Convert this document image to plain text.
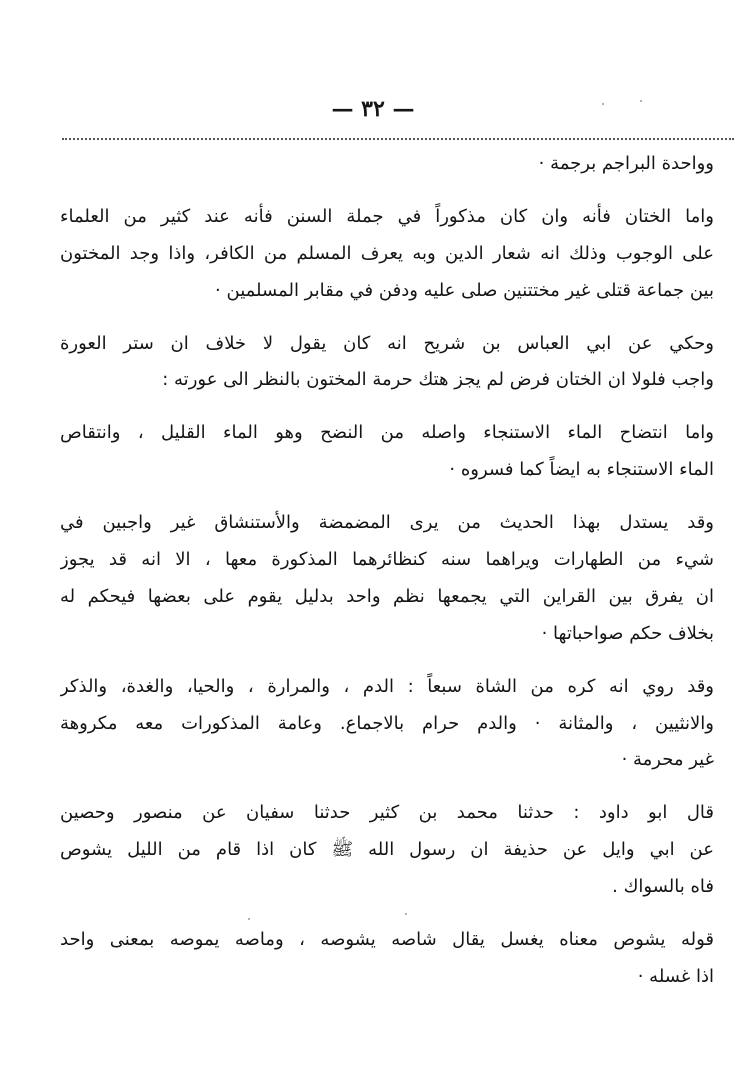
— ٣٢ —
وواحدة البراجم برجمة ·
واما الختان فأنه وان كان مذكوراً في جملة السنن فأنه عند كثير من العلماء
على الوجوب وذلك انه شعار الدين وبه يعرف المسلم من الكافر، واذا وجد المختون
بين جماعة قتلى غير مختتنين صلى عليه ودفن في مقابر المسلمين ·
وحكي عن ابي العباس بن شريح انه كان يقول لا خلاف ان ستر العورة
واجب فلولا ان الختان فرض لم يجز هتك حرمة المختون بالنظر الى عورته :
واما انتضاح الماء الاستنجاء واصله من النضح وهو الماء القليل ، وانتقاص
الماء الاستنجاء به ايضاً كما فسروه ·
وقد يستدل بهذا الحديث من يرى المضمضة والأستنشاق غير واجبين في
شيء من الطهارات ويراهما سنه كنظائرهما المذكورة معها ، الا انه قد يجوز
ان يفرق بين القراين التي يجمعها نظم واحد بدليل يقوم على بعضها فيحكم له
بخلاف حكم صواحباتها ·
وقد روي انه كره من الشاة سبعاً : الدم ، والمرارة ، والحيا، والغدة، والذكر
والانثيين ، والمثانة · والدم حرام بالاجماع. وعامة المذكورات معه مكروهة
غير محرمة ·
قال ابو داود : حدثنا محمد بن كثير حدثنا سفيان عن منصور وحصين
عن ابي وايل عن حذيفة ان رسول الله ﷺ كان اذا قام من الليل يشوص
فاه بالسواك .
قوله يشوص معناه يغسل يقال شاصه يشوصه ، وماصه يموصه بمعنى واحد
اذا غسله ·
